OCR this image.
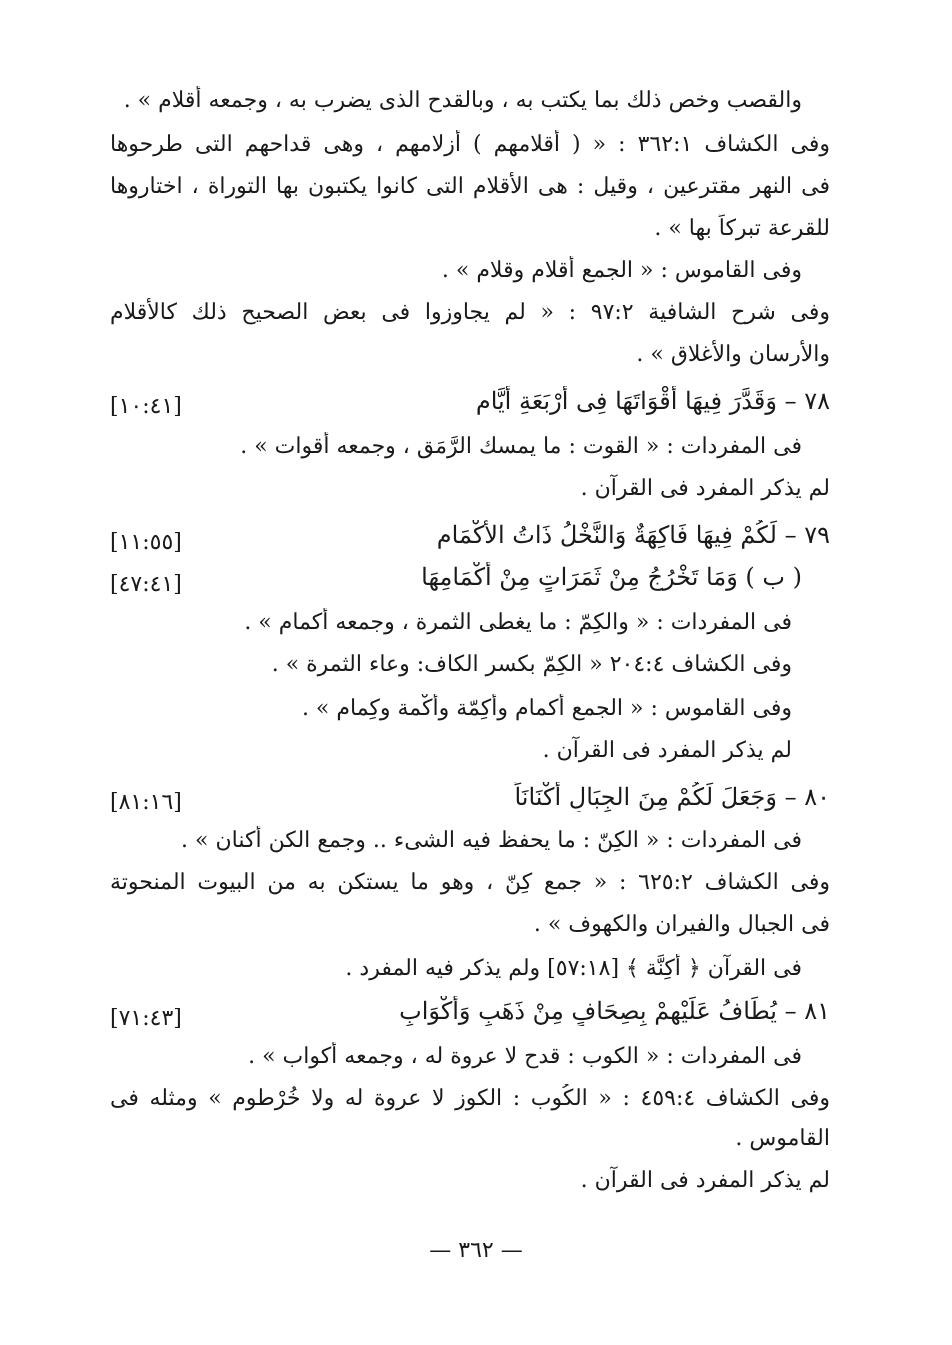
والقصب وخص ذلك بما يكتب به ، وبالقدح الذى يضرب به ، وجمعه أقلام » .
وفى الكشاف ٣٦٢:١ : « ( أقلامهم ) أزلامهم ، وهى قداحهم التى طرحوها
فى النهر مقترعين ، وقيل : هى الأقلام التى كانوا يكتبون بها التوراة ، اختاروها
للقرعة تبركاً بها » .
وفى القاموس : « الجمع أقلام وقلام » .
وفى شرح الشافية ٩٧:٢ : « لم يجاوزوا فى بعض الصحيح ذلك كالأقلام
والأرسان والأغلاق » .
٧٨ – وَقَدَّرَ فِيهَا أَقْوَاتَهَا فِى أَرْبَعَةِ أَيَّامٍ
[١٠:٤١]
فى المفردات : « القوت : ما يمسك الرَّمَق ، وجمعه أقوات » .
لم يذكر المفرد فى القرآن .
٧٩ – لَكُمْ فِيهَا فَاكِهَةٌ وَالنَّخْلُ ذَاتُ الأَكْمَامِ
[١١:٥٥]
( ب ) وَمَا تَخْرُجُ مِنْ ثَمَرَاتٍ مِنْ أَكْمَامِهَا
[٤٧:٤١]
فى المفردات : « والكِمّ : ما يغطى الثمرة ، وجمعه أكمام » .
وفى الكشاف ٢٠٤:٤ « الكِمّ بكسر الكاف: وعاء الثمرة » .
وفى القاموس : « الجمع أكمام وأكِمّة وأكْمة وكِمام » .
لم يذكر المفرد فى القرآن .
٨٠ – وَجَعَلَ لَكُمْ مِنَ الجِبَالِ أَكْنَانَاً
[٨١:١٦]
فى المفردات : « الكِنّ : ما يحفظ فيه الشىء .. وجمع الكن أكنان » .
وفى الكشاف ٦٢٥:٢ : « جمع كِنّ ، وهو ما يستكن به من البيوت المنحوتة
فى الجبال والفيران والكهوف » .
فى القرآن ﴿ أَكِنَّة ﴾ [٥٧:١٨] ولم يذكر فيه المفرد .
٨١ – يُطَافُ عَلَيْهِمْ بِصِحَافٍ مِنْ ذَهَبٍ وَأَكْوَابٍ
[٧١:٤٣]
فى المفردات : « الكوب : قدح لا عروة له ، وجمعه أكواب » .
وفى الكشاف ٤٥٩:٤ : « الكُوب : الكوز لا عروة له ولا خُرْطوم » ومثله فى
القاموس .
لم يذكر المفرد فى القرآن .
— ٣٦٢ —
